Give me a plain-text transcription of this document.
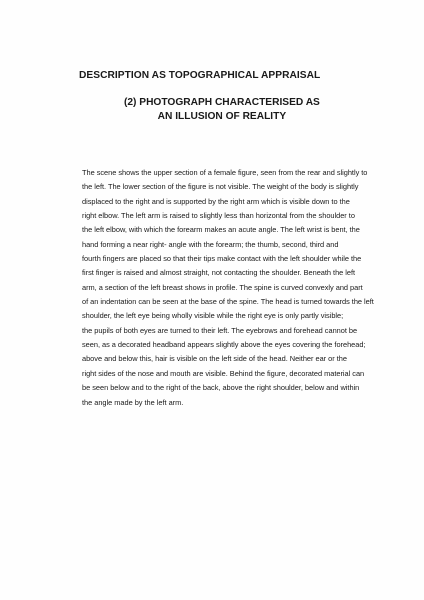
DESCRIPTION AS TOPOGRAPHICAL APPRAISAL
(2) PHOTOGRAPH CHARACTERISED AS
AN ILLUSION OF REALITY
The scene shows the upper section of a female figure, seen from the rear and slightly to
the left. The lower section of the figure is not visible. The weight of the body is slightly
displaced to the right and is supported by the right arm which is visible down to the
right elbow. The left arm is raised to slightly less than horizontal from the shoulder to
the left elbow, with which the forearm makes an acute angle. The left wrist is bent, the
hand forming a near right- angle with the forearm; the thumb, second, third and
fourth fingers are placed so that their tips make contact with the left shoulder while the
first finger is raised and almost straight, not contacting the shoulder. Beneath the left
arm, a section of the left breast shows in profile. The spine is curved convexly and part
of an indentation can be seen at the base of the spine. The head is turned towards the left
shoulder, the left eye being wholly visible while the right eye is only partly visible;
the pupils of both eyes are turned to their left. The eyebrows and forehead cannot be
seen, as a decorated headband appears slightly above the eyes covering the forehead;
above and below this, hair is visible on the left side of the head. Neither ear or the
right sides of the nose and mouth are visible. Behind the figure, decorated material can
be seen below and to the right of the back, above the right shoulder, below and within
the angle made by the left arm.
